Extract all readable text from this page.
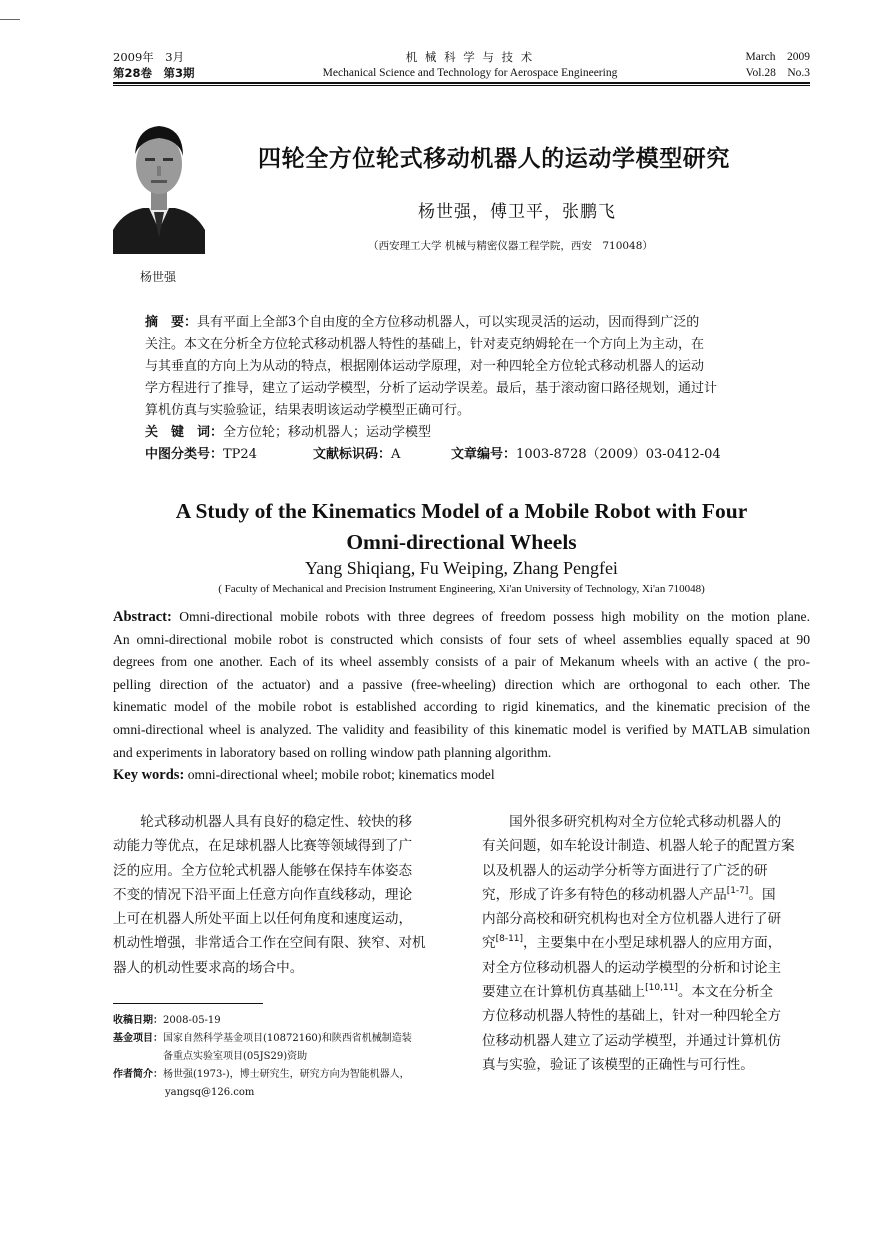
2009年　3月
第28卷　第3期
机 械 科 学 与 技 术
Mechanical Science and Technology for Aerospace Engineering
March　2009
Vol.28　No.3
杨世强
四轮全方位轮式移动机器人的运动学模型研究
杨世强，傅卫平，张鹏飞
（西安理工大学 机械与精密仪器工程学院，西安　710048）
摘　要：具有平面上全部3个自由度的全方位移动机器人，可以实现灵活的运动，因而得到广泛的
关注。本文在分析全方位轮式移动机器人特性的基础上，针对麦克纳姆轮在一个方向上为主动，在
与其垂直的方向上为从动的特点，根据刚体运动学原理，对一种四轮全方位轮式移动机器人的运动
学方程进行了推导，建立了运动学模型，分析了运动学误差。最后，基于滚动窗口路径规划，通过计
算机仿真与实验验证，结果表明该运动学模型正确可行。
关　键　词：全方位轮；移动机器人；运动学模型
中图分类号：TP24	文献标识码：A	文章编号：1003-8728（2009）03-0412-04
A Study of the Kinematics Model of a Mobile Robot with Four
Omni-directional Wheels
Yang Shiqiang, Fu Weiping, Zhang Pengfei
( Faculty of Mechanical and Precision Instrument Engineering, Xi'an University of Technology, Xi'an 710048)
Abstract: Omni-directional mobile robots with three degrees of freedom possess high mobility on the motion plane.
An omni-directional mobile robot is constructed which consists of four sets of wheel assemblies equally spaced at 90
degrees from one another. Each of its wheel assembly consists of a pair of Mekanum wheels with an active ( the pro-
pelling direction of the actuator) and a passive (free-wheeling) direction which are orthogonal to each other. The
kinematic model of the mobile robot is established according to rigid kinematics, and the kinematic precision of the
omni-directional wheel is analyzed. The validity and feasibility of this kinematic model is verified by MATLAB simulation
and experiments in laboratory based on rolling window path planning algorithm.
Key words: omni-directional wheel; mobile robot; kinematics model
　　轮式移动机器人具有良好的稳定性、较快的移
动能力等优点，在足球机器人比赛等领域得到了广
泛的应用。全方位轮式机器人能够在保持车体姿态
不变的情况下沿平面上任意方向作直线移动，理论
上可在机器人所处平面上以任何角度和速度运动，
机动性增强，非常适合工作在空间有限、狭窄、对机
器人的机动性要求高的场合中。
　　国外很多研究机构对全方位轮式移动机器人的
有关问题，如车轮设计制造、机器人轮子的配置方案
以及机器人的运动学分析等方面进行了广泛的研
究，形成了许多有特色的移动机器人产品[1-7]。国
内部分高校和研究机构也对全方位机器人进行了研
究[8-11]，主要集中在小型足球机器人的应用方面，
对全方位移动机器人的运动学模型的分析和讨论主
要建立在计算机仿真基础上[10,11]。本文在分析全
方位移动机器人特性的基础上，针对一种四轮全方
位移动机器人建立了运动学模型，并通过计算机仿
真与实验，验证了该模型的正确性与可行性。
收稿日期：2008-05-19
基金项目：国家自然科学基金项目(10872160)和陕西省机械制造装
备重点实验室项目(05JS29)资助
作者简介：杨世强(1973-)，博士研究生，研究方向为智能机器人，
yangsq@126.com
